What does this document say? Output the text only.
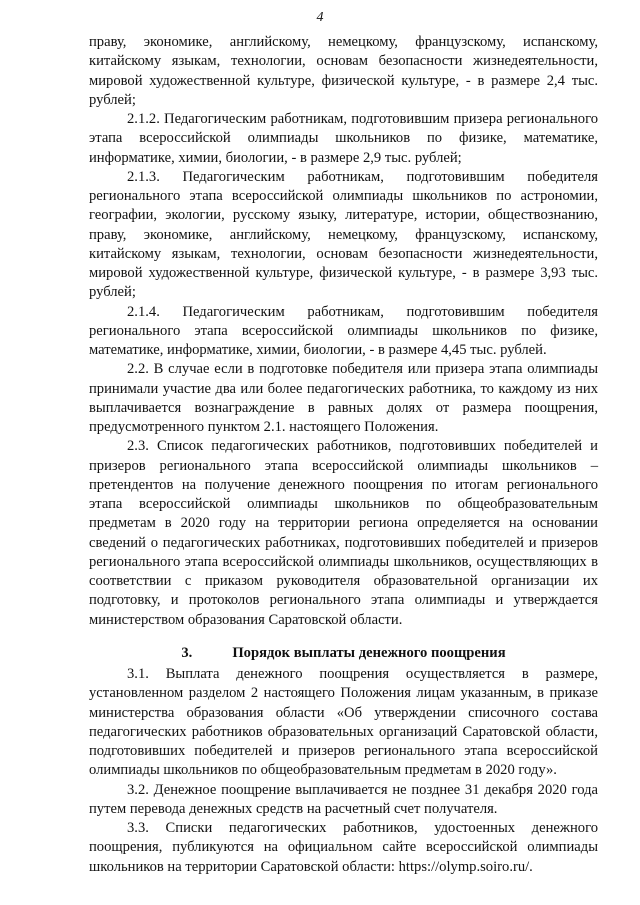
4

праву, экономике, английскому, немецкому, французскому, испанскому, китайскому языкам, технологии, основам безопасности жизнедеятельности, мировой художественной культуре, физической культуре, - в размере 2,4 тыс. рублей;

2.1.2. Педагогическим работникам, подготовившим призера регионального этапа всероссийской олимпиады школьников по физике, математике, информатике, химии, биологии, - в размере 2,9 тыс. рублей;

2.1.3. Педагогическим работникам, подготовившим победителя регионального этапа всероссийской олимпиады школьников по астрономии, географии, экологии, русскому языку, литературе, истории, обществознанию, праву, экономике, английскому, немецкому, французскому, испанскому, китайскому языкам, технологии, основам безопасности жизнедеятельности, мировой художественной культуре, физической культуре, - в размере 3,93 тыс. рублей;

2.1.4. Педагогическим работникам, подготовившим победителя регионального этапа всероссийской олимпиады школьников по физике, математике, информатике, химии, биологии, - в размере 4,45 тыс. рублей.

2.2. В случае если в подготовке победителя или призера этапа олимпиады принимали участие два или более педагогических работника, то каждому из них выплачивается вознаграждение в равных долях от размера поощрения, предусмотренного пунктом 2.1. настоящего Положения.

2.3. Список педагогических работников, подготовивших победителей и призеров регионального этапа всероссийской олимпиады школьников – претендентов на получение денежного поощрения по итогам регионального этапа всероссийской олимпиады школьников по общеобразовательным предметам в 2020 году на территории региона определяется на основании сведений о педагогических работниках, подготовивших победителей и призеров регионального этапа всероссийской олимпиады школьников, осуществляющих в соответствии с приказом руководителя образовательной организации их подготовку, и протоколов регионального этапа олимпиады и утверждается министерством образования Саратовской области.

3.	Порядок выплаты денежного поощрения

3.1. Выплата денежного поощрения осуществляется в размере, установленном разделом 2 настоящего Положения лицам указанным, в приказе министерства образования области «Об утверждении списочного состава педагогических работников образовательных организаций Саратовской области, подготовивших победителей и призеров регионального этапа всероссийской олимпиады школьников по общеобразовательным предметам в 2020 году».

3.2. Денежное поощрение выплачивается не позднее 31 декабря 2020 года путем перевода денежных средств на расчетный счет получателя.

3.3. Списки педагогических работников, удостоенных денежного поощрения, публикуются на официальном сайте всероссийской олимпиады школьников на территории Саратовской области: https://olymp.soiro.ru/.
